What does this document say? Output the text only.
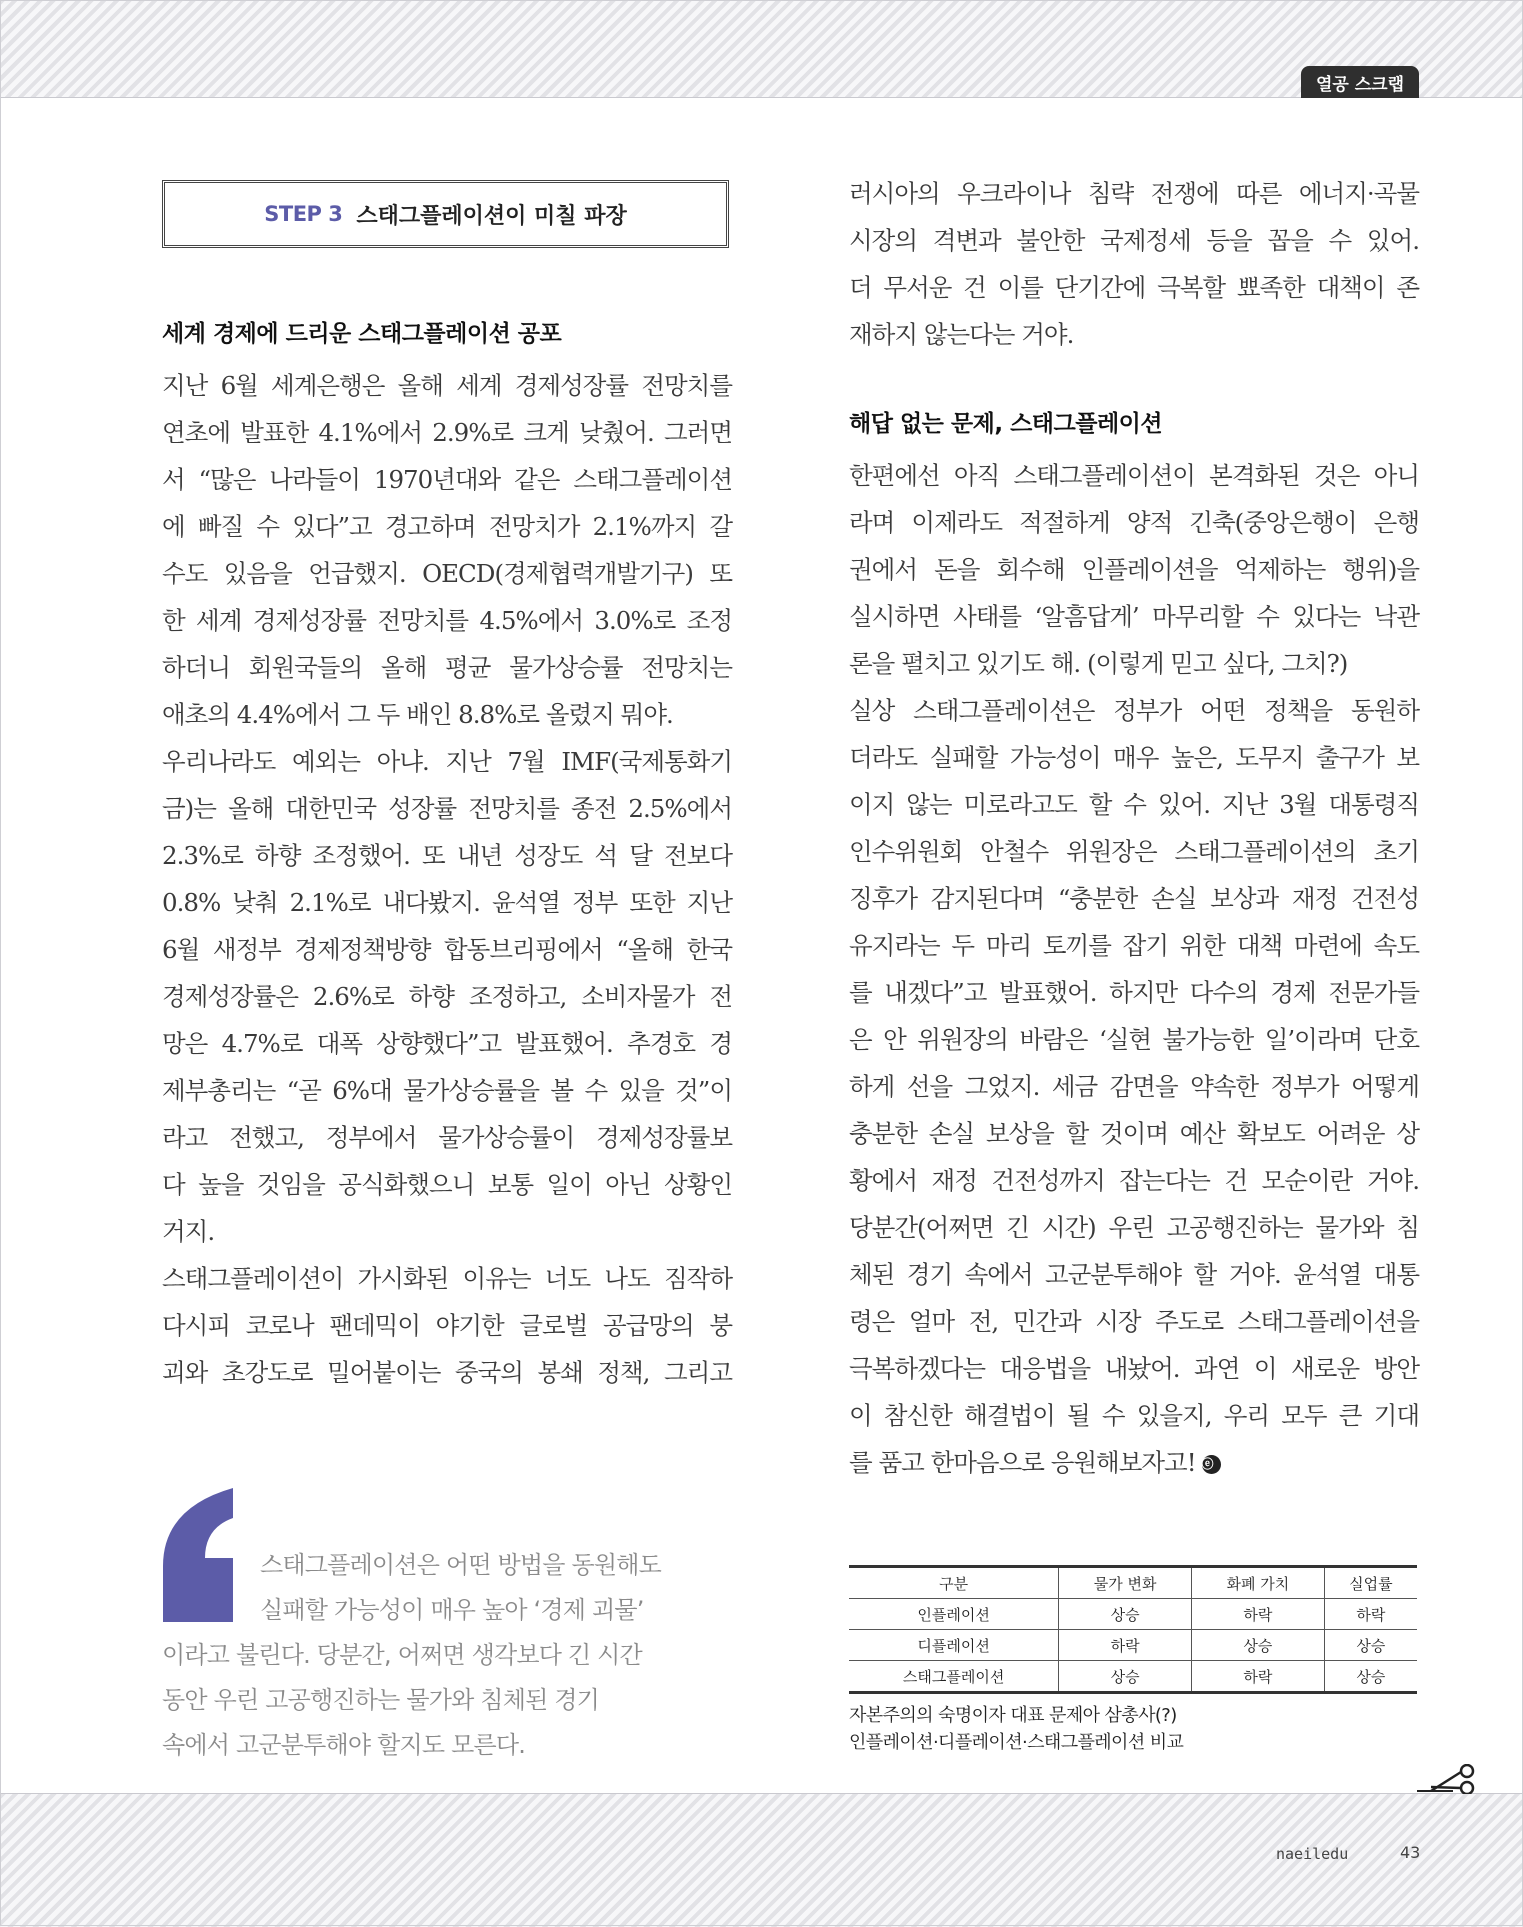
열공 스크랩
STEP 3 스태그플레이션이 미칠 파장
세계 경제에 드리운 스태그플레이션 공포
지난 6월 세계은행은 올해 세계 경제성장률 전망치를
연초에 발표한 4.1%에서 2.9%로 크게 낮췄어. 그러면
서 “많은 나라들이 1970년대와 같은 스태그플레이션
에 빠질 수 있다”고 경고하며 전망치가 2.1%까지 갈
수도 있음을 언급했지. OECD(경제협력개발기구) 또
한 세계 경제성장률 전망치를 4.5%에서 3.0%로 조정
하더니 회원국들의 올해 평균 물가상승률 전망치는
애초의 4.4%에서 그 두 배인 8.8%로 올렸지 뭐야.
우리나라도 예외는 아냐. 지난 7월 IMF(국제통화기
금)는 올해 대한민국 성장률 전망치를 종전 2.5%에서
2.3%로 하향 조정했어. 또 내년 성장도 석 달 전보다
0.8% 낮춰 2.1%로 내다봤지. 윤석열 정부 또한 지난
6월 새정부 경제정책방향 합동브리핑에서 “올해 한국
경제성장률은 2.6%로 하향 조정하고, 소비자물가 전
망은 4.7%로 대폭 상향했다”고 발표했어. 추경호 경
제부총리는 “곧 6%대 물가상승률을 볼 수 있을 것”이
라고 전했고, 정부에서 물가상승률이 경제성장률보
다 높을 것임을 공식화했으니 보통 일이 아닌 상황인
거지.
스태그플레이션이 가시화된 이유는 너도 나도 짐작하
다시피 코로나 팬데믹이 야기한 글로벌 공급망의 붕
괴와 초강도로 밀어붙이는 중국의 봉쇄 정책, 그리고
러시아의 우크라이나 침략 전쟁에 따른 에너지·곡물
시장의 격변과 불안한 국제정세 등을 꼽을 수 있어.
더 무서운 건 이를 단기간에 극복할 뾰족한 대책이 존
재하지 않는다는 거야.
해답 없는 문제, 스태그플레이션
한편에선 아직 스태그플레이션이 본격화된 것은 아니
라며 이제라도 적절하게 양적 긴축(중앙은행이 은행
권에서 돈을 회수해 인플레이션을 억제하는 행위)을
실시하면 사태를 ‘알흠답게’ 마무리할 수 있다는 낙관
론을 펼치고 있기도 해. (이렇게 믿고 싶다, 그치?)
실상 스태그플레이션은 정부가 어떤 정책을 동원하
더라도 실패할 가능성이 매우 높은, 도무지 출구가 보
이지 않는 미로라고도 할 수 있어. 지난 3월 대통령직
인수위원회 안철수 위원장은 스태그플레이션의 초기
징후가 감지된다며 “충분한 손실 보상과 재정 건전성
유지라는 두 마리 토끼를 잡기 위한 대책 마련에 속도
를 내겠다”고 발표했어. 하지만 다수의 경제 전문가들
은 안 위원장의 바람은 ‘실현 불가능한 일’이라며 단호
하게 선을 그었지. 세금 감면을 약속한 정부가 어떻게
충분한 손실 보상을 할 것이며 예산 확보도 어려운 상
황에서 재정 건전성까지 잡는다는 건 모순이란 거야.
당분간(어쩌면 긴 시간) 우린 고공행진하는 물가와 침
체된 경기 속에서 고군분투해야 할 거야. 윤석열 대통
령은 얼마 전, 민간과 시장 주도로 스태그플레이션을
극복하겠다는 대응법을 내놨어. 과연 이 새로운 방안
이 참신한 해결법이 될 수 있을지, 우리 모두 큰 기대
를 품고 한마음으로 응원해보자고! ⓔ
스태그플레이션은 어떤 방법을 동원해도
실패할 가능성이 매우 높아 ‘경제 괴물’
이라고 불린다. 당분간, 어쩌면 생각보다 긴 시간
동안 우린 고공행진하는 물가와 침체된 경기
속에서 고군분투해야 할지도 모른다.
구분	물가 변화	화폐 가치	실업률
인플레이션	상승	하락	하락
디플레이션	하락	상승	상승
스태그플레이션	상승	하락	상승
자본주의의 숙명이자 대표 문제아 삼총사(?)
인플레이션·디플레이션·스태그플레이션 비교
naeiledu	43
